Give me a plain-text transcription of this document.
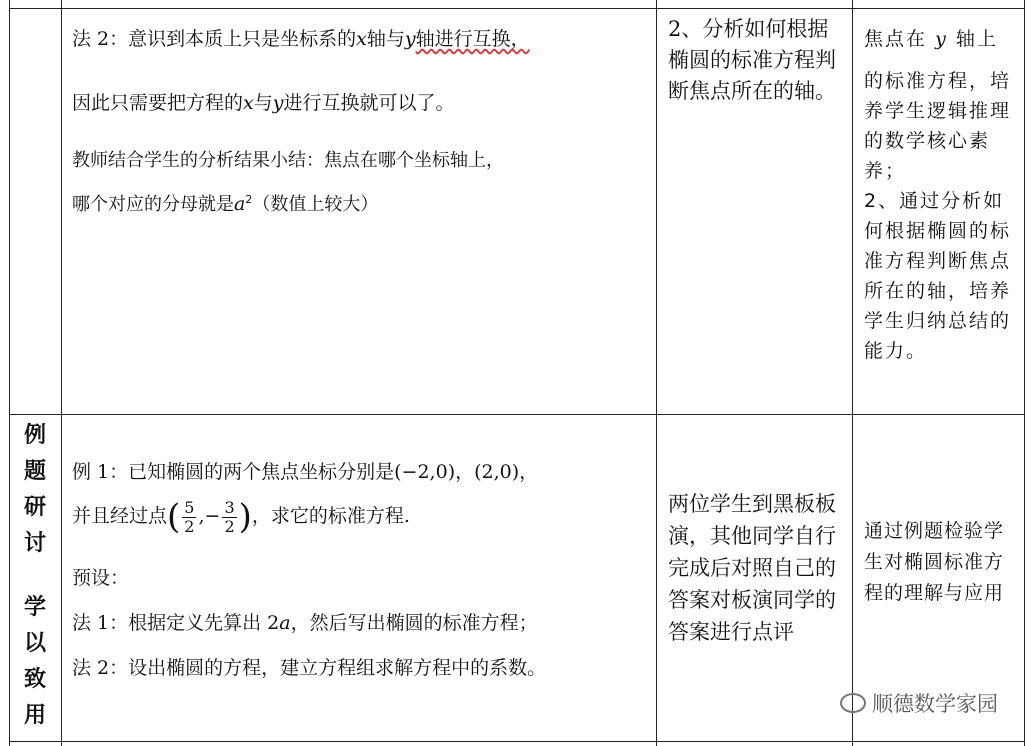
法 2：意识到本质上只是坐标系的x轴与y轴进行互换，
因此只需要把方程的x与y进行互换就可以了。
教师结合学生的分析结果小结：焦点在哪个坐标轴上，
哪个对应的分母就是$a^2$（数值上较大）
2、分析如何根据椭圆的标准方程判断焦点所在的轴。
焦点在 y 轴上
的标准方程，培养学生逻辑推理的数学核心素养；
2、通过分析如何根据椭圆的标准方程判断焦点所在的轴，培养学生归纳总结的能力。
例
题
研
讨
学
以
致
用
例 1：已知椭圆的两个焦点坐标分别是(−2,0)，(2,0)，
并且经过点( $\frac{5}{2}$ ,− $\frac{3}{2}$ )，求它的标准方程.
预设：
法 1：根据定义先算出 2a，然后写出椭圆的标准方程；
法 2：设出椭圆的方程，建立方程组求解方程中的系数。
两位学生到黑板板演，其他同学自行完成后对照自己的答案对板演同学的答案进行点评
通过例题检验学生对椭圆标准方程的理解与应用
顺德数学家园
